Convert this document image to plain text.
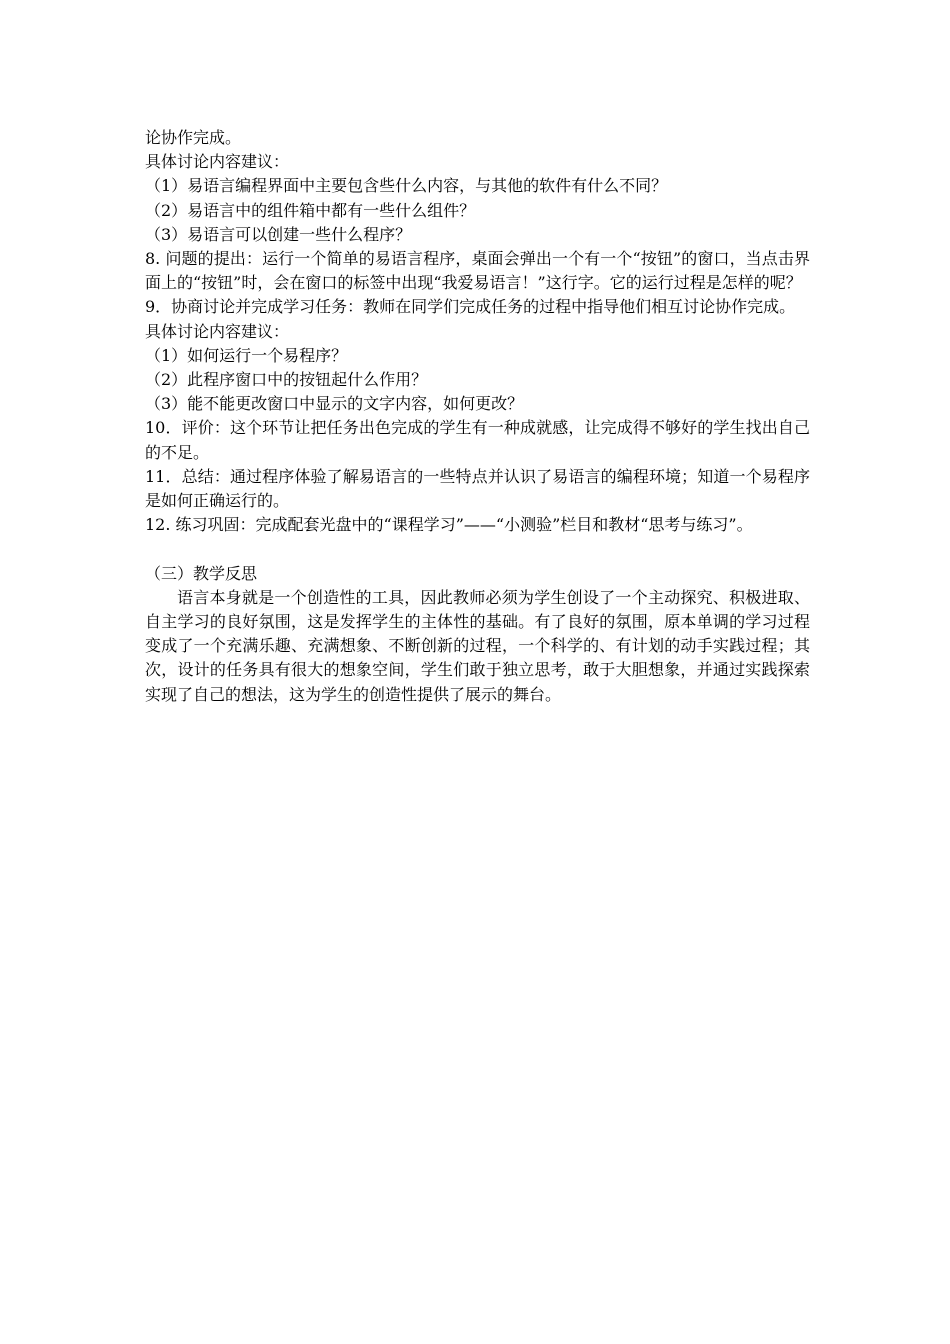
论协作完成。
具体讨论内容建议：
（1）易语言编程界面中主要包含些什么内容，与其他的软件有什么不同？
（2）易语言中的组件箱中都有一些什么组件？
（3）易语言可以创建一些什么程序？

8. 问题的提出：运行一个简单的易语言程序，桌面会弹出一个有一个“按钮”的窗口，当点击界面上的“按钮”时，会在窗口的标签中出现“我爱易语言！”这行字。它的运行过程是怎样的呢？

9．协商讨论并完成学习任务：教师在同学们完成任务的过程中指导他们相互讨论协作完成。

具体讨论内容建议：
（1）如何运行一个易程序？
（2）此程序窗口中的按钮起什么作用？
（3）能不能更改窗口中显示的文字内容，如何更改？

10．评价：这个环节让把任务出色完成的学生有一种成就感，让完成得不够好的学生找出自己的不足。

11．总结：通过程序体验了解易语言的一些特点并认识了易语言的编程环境；知道一个易程序是如何正确运行的。

12. 练习巩固：完成配套光盘中的“课程学习”——“小测验”栏目和教材“思考与练习”。

（三）教学反思

语言本身就是一个创造性的工具，因此教师必须为学生创设了一个主动探究、积极进取、自主学习的良好氛围，这是发挥学生的主体性的基础。有了良好的氛围，原本单调的学习过程变成了一个充满乐趣、充满想象、不断创新的过程，一个科学的、有计划的动手实践过程；其次，设计的任务具有很大的想象空间，学生们敢于独立思考，敢于大胆想象，并通过实践探索实现了自己的想法，这为学生的创造性提供了展示的舞台。
